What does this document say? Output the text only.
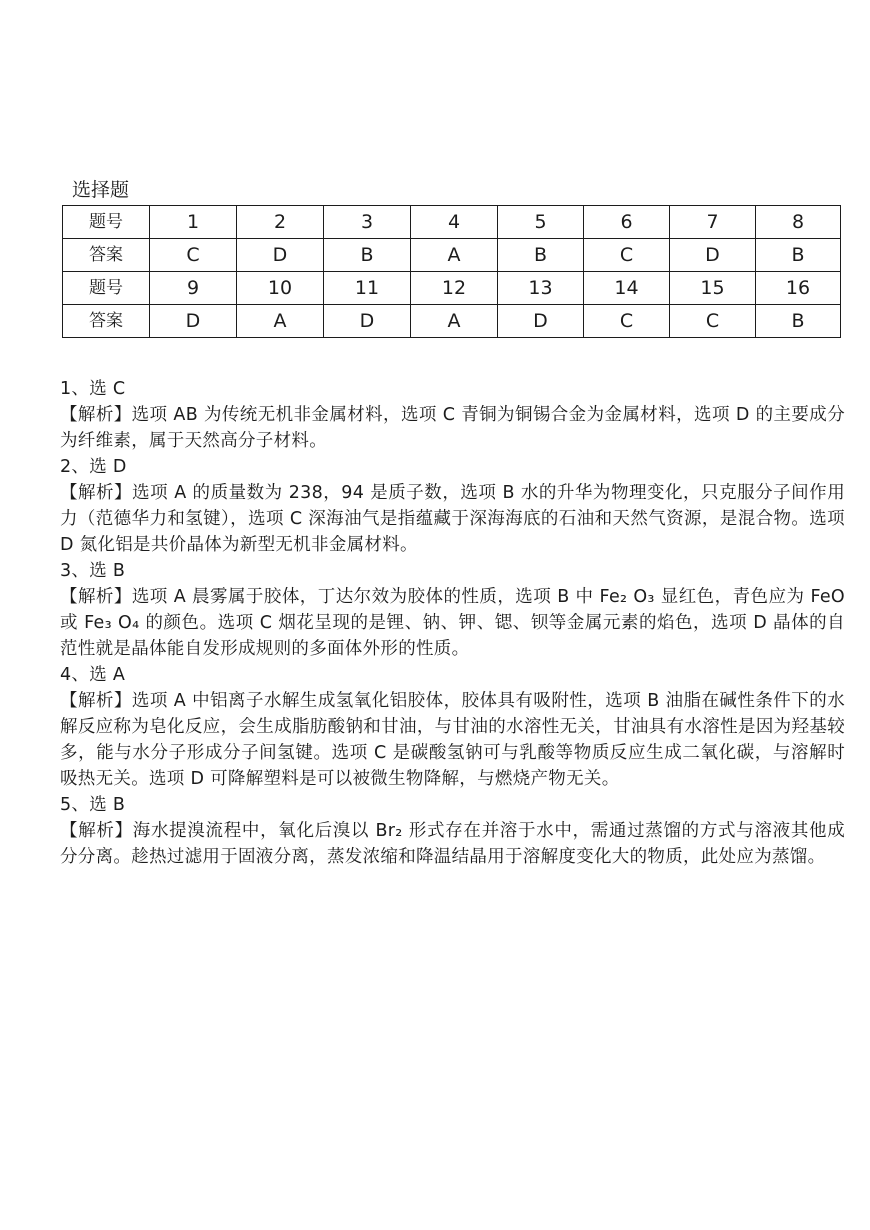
选择题
题号	1	2	3	4	5	6	7	8
答案	C	D	B	A	B	C	D	B
题号	9	10	11	12	13	14	15	16
答案	D	A	D	A	D	C	C	B

1、选 C

【解析】选项 AB 为传统无机非金属材料，选项 C 青铜为铜锡合金为金属材料，选项 D 的主要成分为纤维素，属于天然高分子材料。

2、选 D

【解析】选项 A 的质量数为 238，94 是质子数，选项 B 水的升华为物理变化，只克服分子间作用力（范德华力和氢键），选项 C 深海油气是指蕴藏于深海海底的石油和天然气资源，是混合物。选项 D 氮化铝是共价晶体为新型无机非金属材料。

3、选 B

【解析】选项 A 晨雾属于胶体，丁达尔效为胶体的性质，选项 B 中 Fe₂ O₃ 显红色，青色应为 FeO 或 Fe₃ O₄ 的颜色。选项 C 烟花呈现的是锂、钠、钾、锶、钡等金属元素的焰色，选项 D 晶体的自范性就是晶体能自发形成规则的多面体外形的性质。

4、选 A

【解析】选项 A 中铝离子水解生成氢氧化铝胶体，胶体具有吸附性，选项 B 油脂在碱性条件下的水解反应称为皂化反应，会生成脂肪酸钠和甘油，与甘油的水溶性无关，甘油具有水溶性是因为羟基较多，能与水分子形成分子间氢键。选项 C 是碳酸氢钠可与乳酸等物质反应生成二氧化碳，与溶解时吸热无关。选项 D 可降解塑料是可以被微生物降解，与燃烧产物无关。

5、选 B

【解析】海水提溴流程中，氧化后溴以 Br₂ 形式存在并溶于水中，需通过蒸馏的方式与溶液其他成分分离。趁热过滤用于固液分离，蒸发浓缩和降温结晶用于溶解度变化大的物质，此处应为蒸馏。
